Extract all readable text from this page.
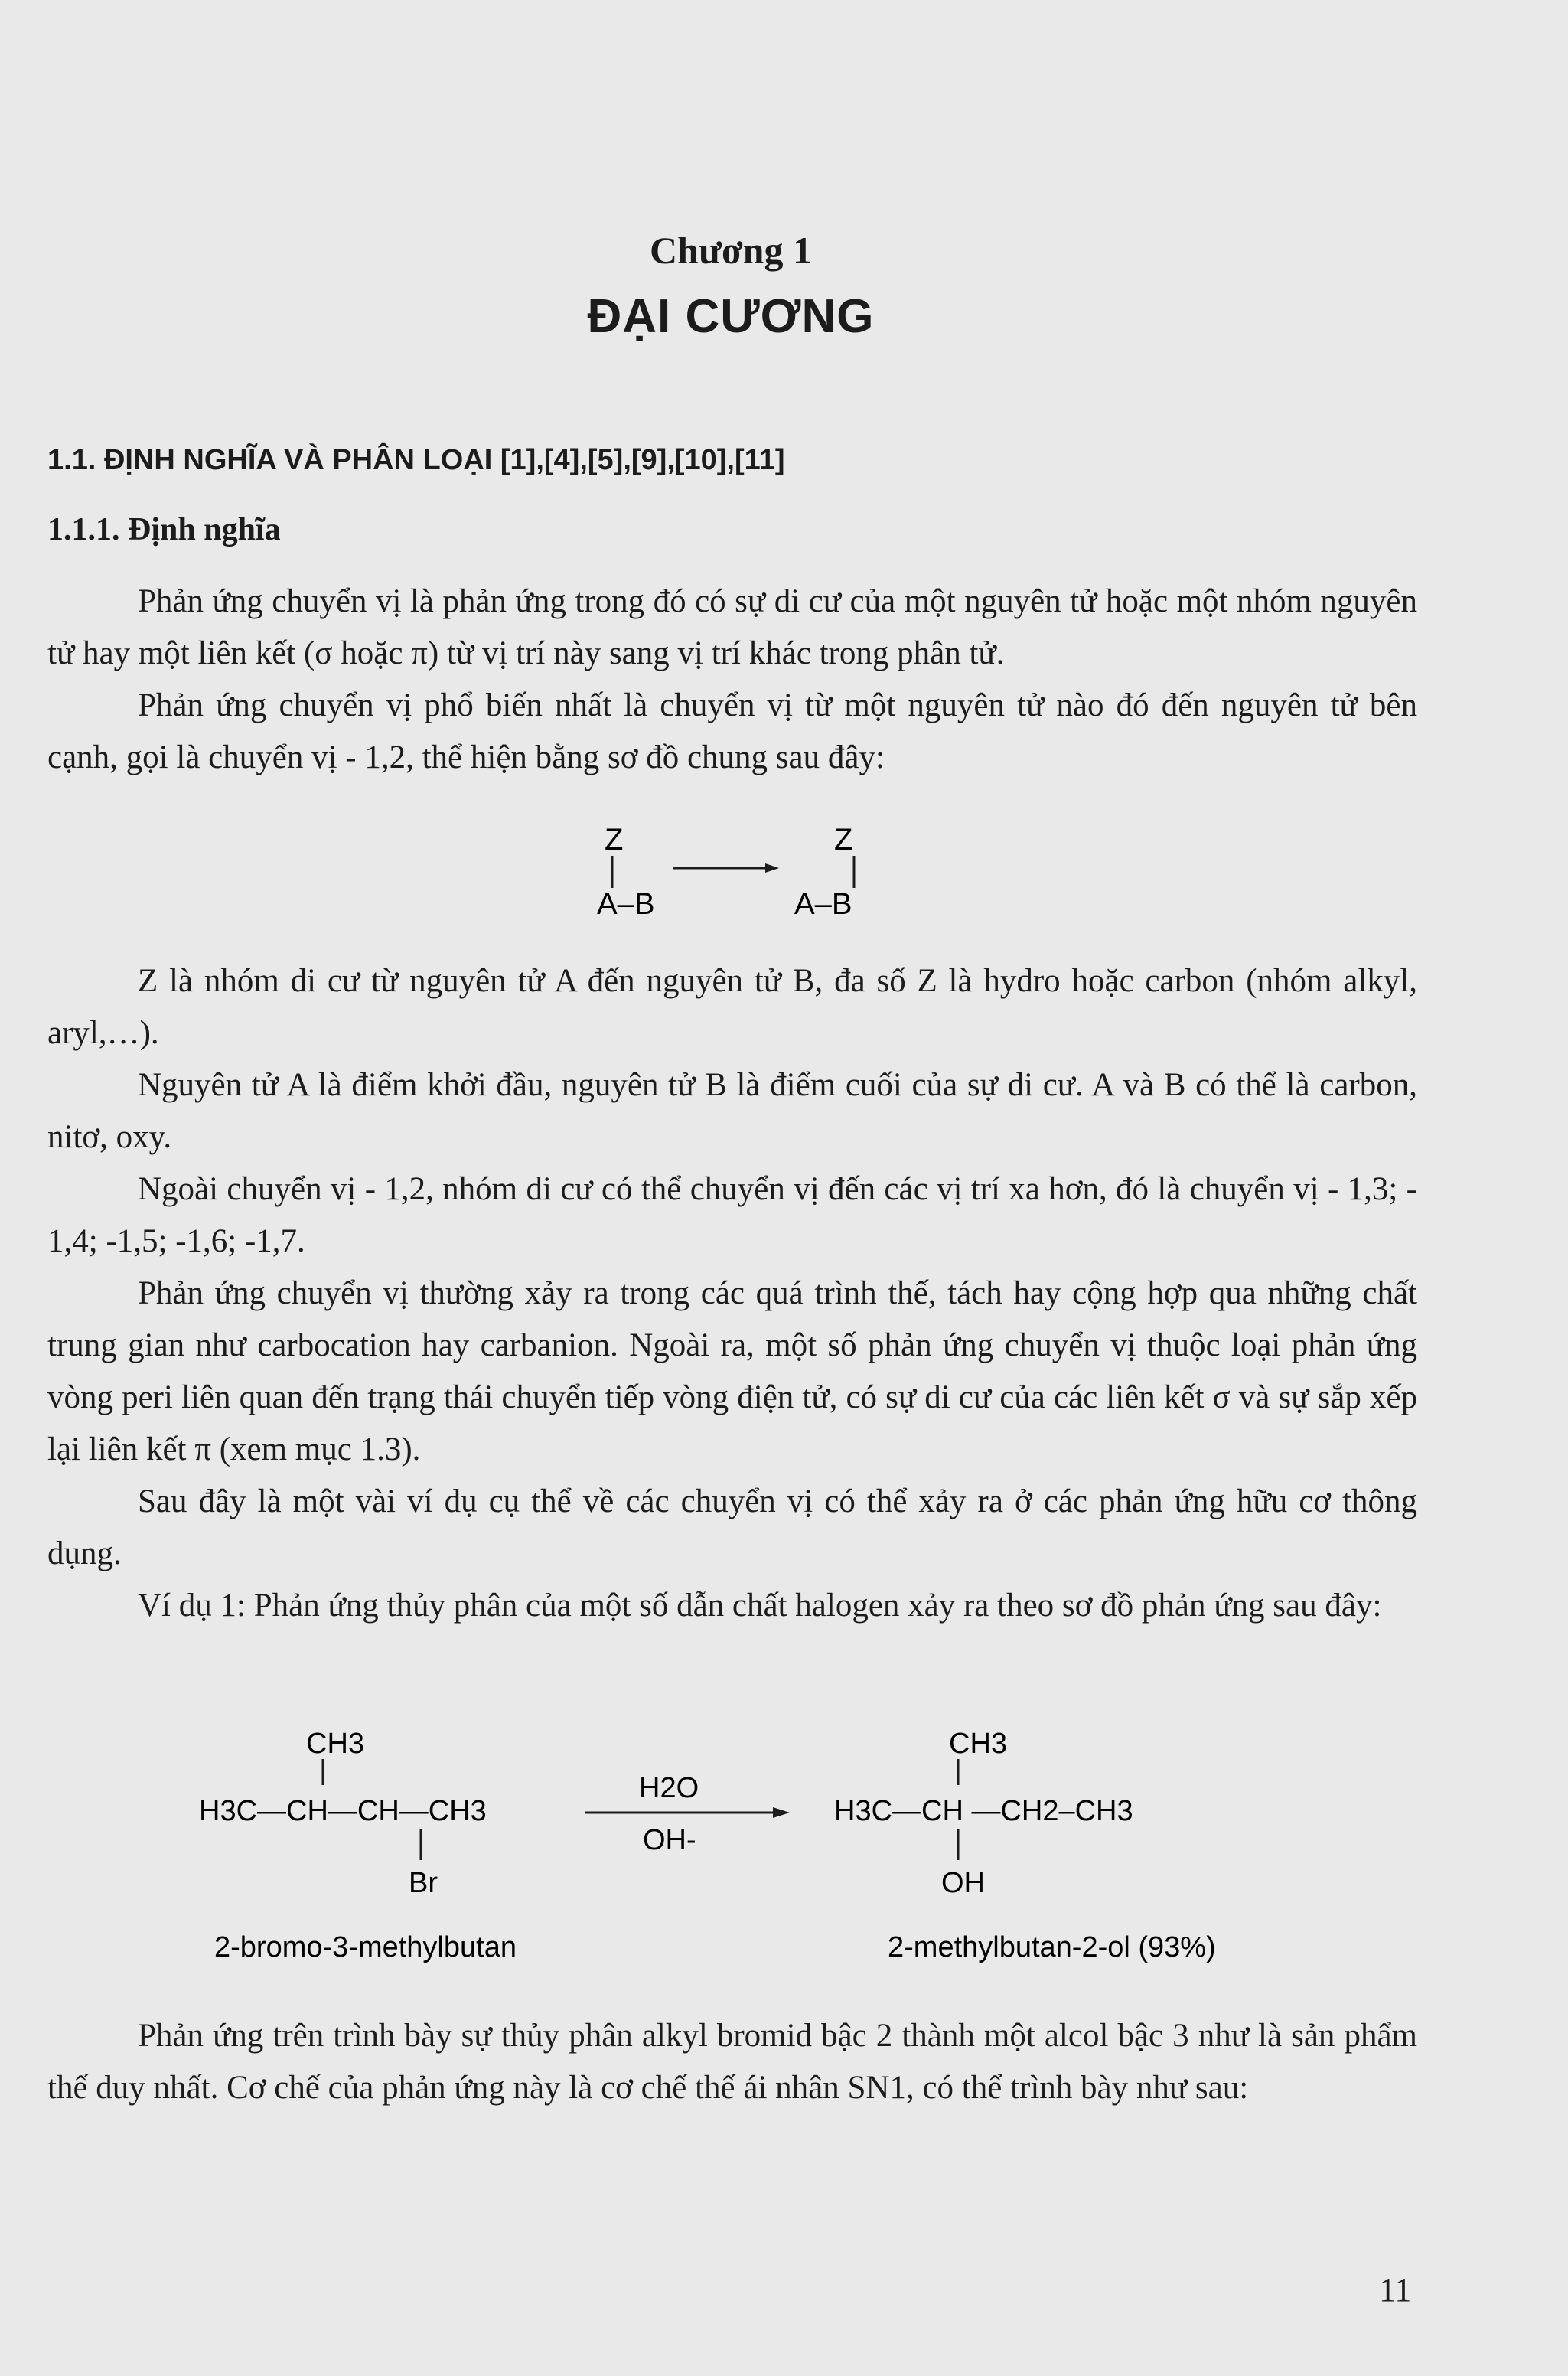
Chương 1
ĐẠI CƯƠNG
1.1. ĐỊNH NGHĨA VÀ PHÂN LOẠI [1],[4],[5],[9],[10],[11]
1.1.1. Định nghĩa

Phản ứng chuyển vị là phản ứng trong đó có sự di cư của một nguyên tử hoặc một nhóm nguyên tử hay một liên kết (σ hoặc π) từ vị trí này sang vị trí khác trong phân tử.

Phản ứng chuyển vị phổ biến nhất là chuyển vị từ một nguyên tử nào đó đến nguyên tử bên cạnh, gọi là chuyển vị - 1,2, thể hiện bằng sơ đồ chung sau đây:

Z
A–B
Z
A–B

Z là nhóm di cư từ nguyên tử A đến nguyên tử B, đa số Z là hydro hoặc carbon (nhóm alkyl, aryl,…).

Nguyên tử A là điểm khởi đầu, nguyên tử B là điểm cuối của sự di cư. A và B có thể là carbon, nitơ, oxy.

Ngoài chuyển vị - 1,2, nhóm di cư có thể chuyển vị đến các vị trí xa hơn, đó là chuyển vị - 1,3; - 1,4; -1,5; -1,6; -1,7.

Phản ứng chuyển vị thường xảy ra trong các quá trình thế, tách hay cộng hợp qua những chất trung gian như carbocation hay carbanion. Ngoài ra, một số phản ứng chuyển vị thuộc loại phản ứng vòng peri liên quan đến trạng thái chuyển tiếp vòng điện tử, có sự di cư của các liên kết σ và sự sắp xếp lại liên kết π (xem mục 1.3).

Sau đây là một vài ví dụ cụ thể về các chuyển vị có thể xảy ra ở các phản ứng hữu cơ thông dụng.

Ví dụ 1: Phản ứng thủy phân của một số dẫn chất halogen xảy ra theo sơ đồ phản ứng sau đây:

CH3
H3C—CH—CH—CH3
Br
H2O
OH-
CH3
H3C—CH —CH2–CH3
OH
2-bromo-3-methylbutan	2-methylbutan-2-ol (93%)

Phản ứng trên trình bày sự thủy phân alkyl bromid bậc 2 thành một alcol bậc 3 như là sản phẩm thế duy nhất. Cơ chế của phản ứng này là cơ chế thế ái nhân SN1, có thể trình bày như sau:

11
